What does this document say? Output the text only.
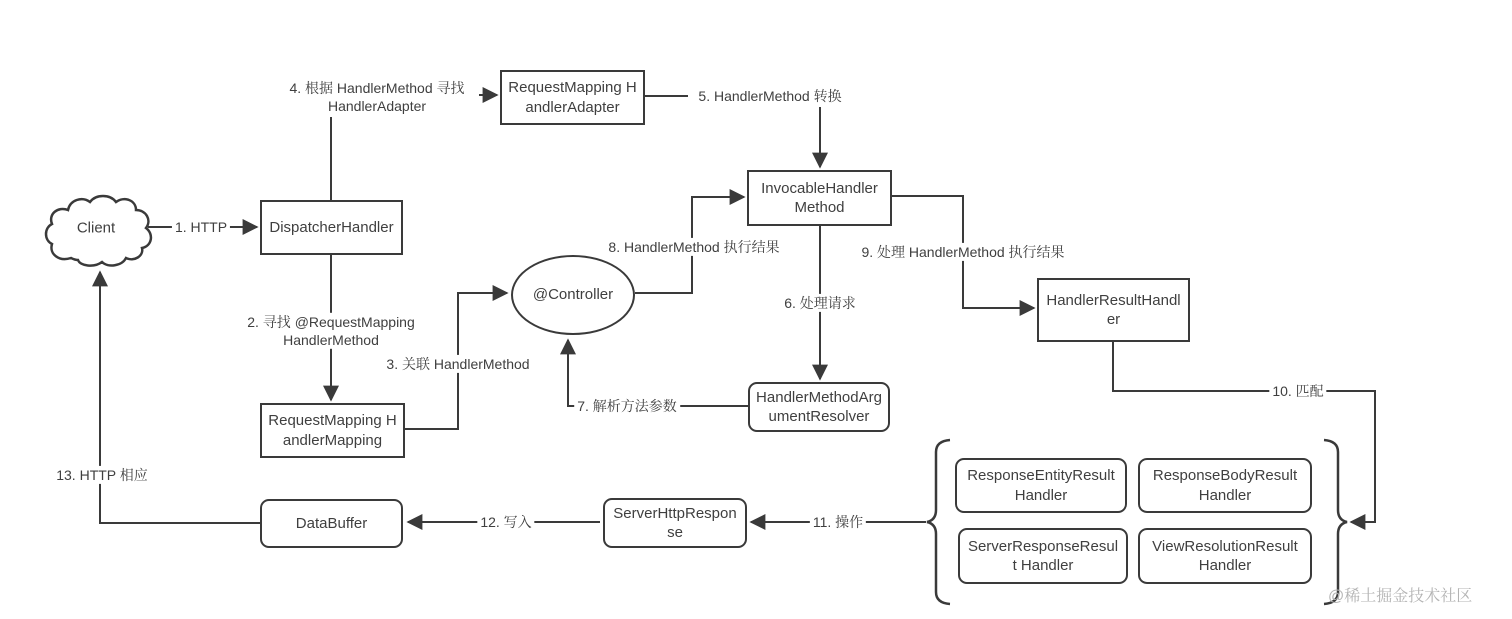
Client	DispatcherHandler
RequestMapping HandlerAdapter
RequestMapping HandlerMapping
@Controller
InvocableHandler Method
HandlerMethodArgumentResolver
HandlerResultHandler
DataBuffer
ServerHttpResponse
ResponseEntityResult Handler
ResponseBodyResult Handler
ServerResponseResult Handler
ViewResolutionResult Handler
1. HTTP
2. 寻找 @RequestMapping HandlerMethod
3. 关联 HandlerMethod
4. 根据 HandlerMethod 寻找 HandlerAdapter
5. HandlerMethod 转换
6. 处理请求
7. 解析方法参数
8. HandlerMethod 执行结果	9. 处理 HandlerMethod 执行结果
10. 匹配
11. 操作
12. 写入
13. HTTP 相应
@稀土掘金技术社区
